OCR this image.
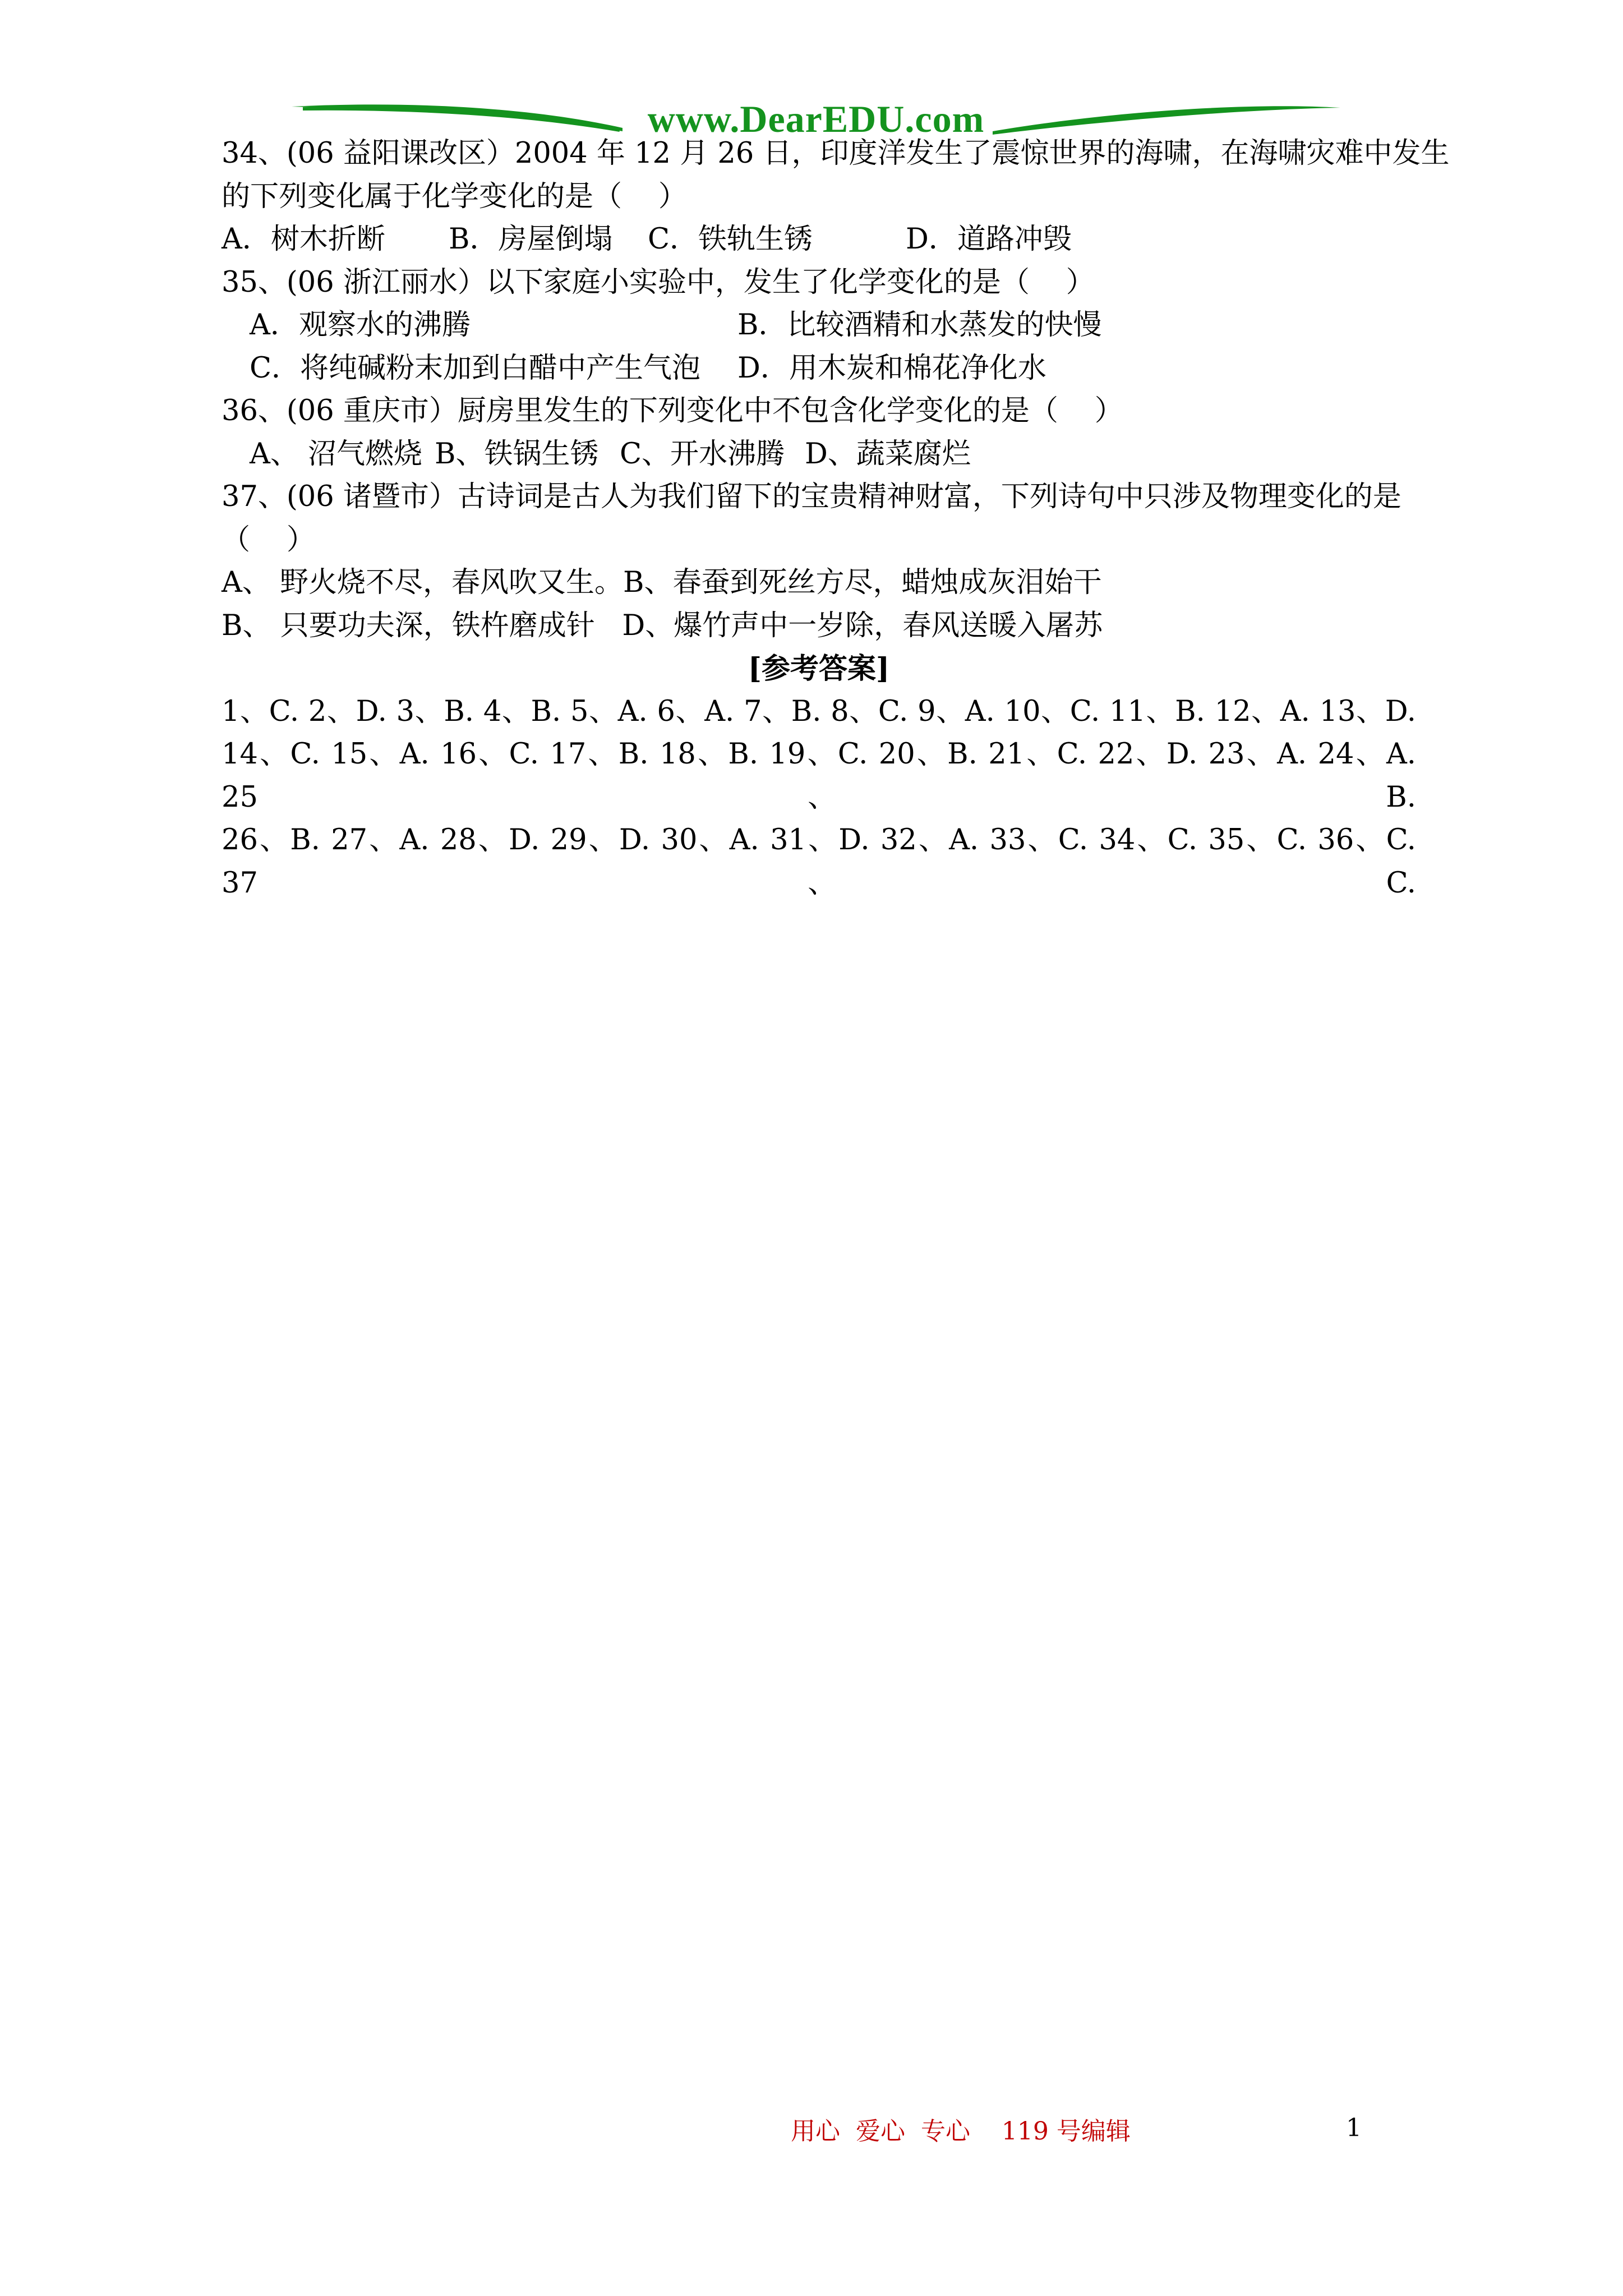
www.DearEDU.com
34、(06 益阳课改区）2004 年 12 月 26 日，印度洋发生了震惊世界的海啸，在海啸灾难中发生
的下列变化属于化学变化的是（    ）
A．树木折断 B．房屋倒塌 C．铁轨生锈	D．道路冲毁
35、(06 浙江丽水）以下家庭小实验中，发生了化学变化的是（    ）
A．观察水的沸腾	B．比较酒精和水蒸发的快慢
C．将纯碱粉末加到白醋中产生气泡 D．用木炭和棉花净化水
36、(06 重庆市）厨房里发生的下列变化中不包含化学变化的是（    ）
A、 沼气燃烧 B、铁锅生锈 C、开水沸腾 D、蔬菜腐烂
37、(06 诸暨市）古诗词是古人为我们留下的宝贵精神财富，下列诗句中只涉及物理变化的是
（    ）
A、 野火烧不尽，春风吹又生。B、春蚕到死丝方尽，蜡烛成灰泪始干
B、 只要功夫深，铁杵磨成针   D、爆竹声中一岁除，春风送暖入屠苏
[参考答案]
1、C. 2、D. 3、B. 4、B. 5、A. 6、A. 7、B. 8、C. 9、A. 10、C. 11、B. 12、A. 13、D.
14、C. 15、A. 16、C. 17、B. 18、B. 19、C. 20、B. 21、C. 22、D. 23、A. 24、A. 25、B.
26、B. 27、A. 28、D. 29、D. 30、A. 31、D. 32、A. 33、C. 34、C. 35、C. 36、C. 37、C.
用心  爱心  专心    119 号编辑	1
